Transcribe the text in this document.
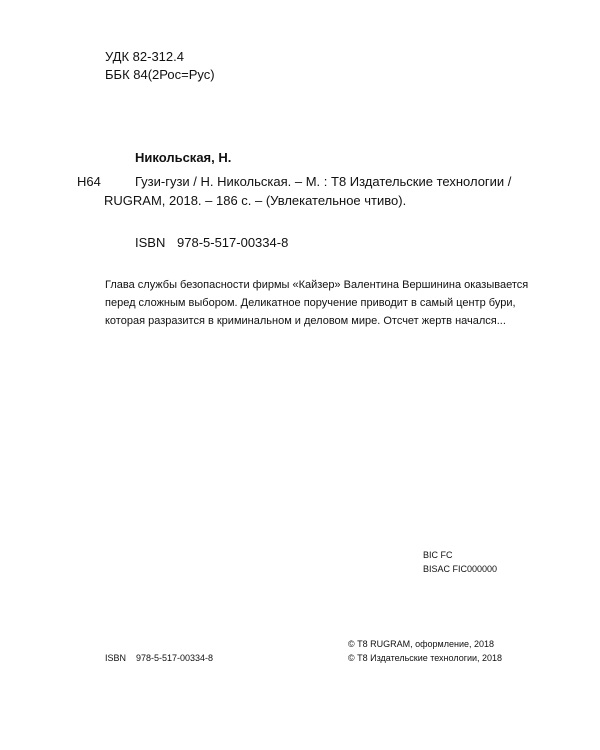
УДК 82-312.4
ББК 84(2Рос=Рус)
Никольская, Н.
Н64	Гузи-гузи / Н. Никольская. – М. : Т8 Издательские технологии /
RUGRAM, 2018. – 186 с. – (Увлекательное чтиво).
ISBN 978-5-517-00334-8
Глава службы безопасности фирмы «Кайзер» Валентина Вершинина оказывается
перед сложным выбором. Деликатное поручение приводит в самый центр бури,
которая разразится в криминальном и деловом мире. Отсчет жертв начался...
BIC FC
BISAC FIC000000
© Т8 RUGRAM, оформление, 2018
© Т8 Издательские технологии, 2018
ISBN 978-5-517-00334-8
